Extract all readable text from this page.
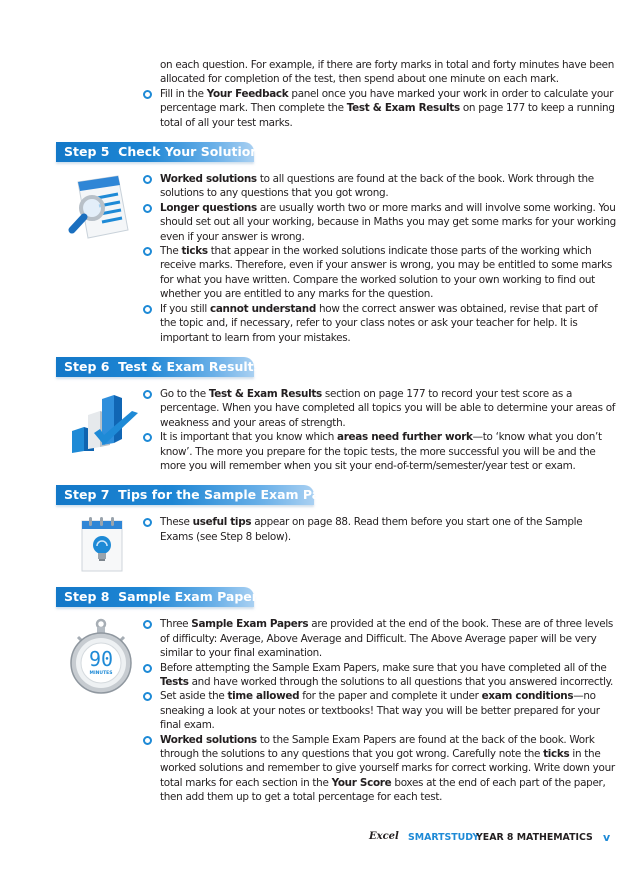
on each question. For example, if there are forty marks in total and forty minutes have been allocated for completion of the test, then spend about one minute on each mark.
Fill in the Your Feedback panel once you have marked your work in order to calculate your percentage mark. Then complete the Test & Exam Results on page 177 to keep a running total of all your test marks.
Step 5  Check Your Solutions
Worked solutions to all questions are found at the back of the book. Work through the solutions to any questions that you got wrong.
Longer questions are usually worth two or more marks and will involve some working. You should set out all your working, because in Maths you may get some marks for your working even if your answer is wrong.
The ticks that appear in the worked solutions indicate those parts of the working which receive marks. Therefore, even if your answer is wrong, you may be entitled to some marks for what you have written. Compare the worked solution to your own working to find out whether you are entitled to any marks for the question.
If you still cannot understand how the correct answer was obtained, revise that part of the topic and, if necessary, refer to your class notes or ask your teacher for help. It is important to learn from your mistakes.
Step 6  Test & Exam Results
Go to the Test & Exam Results section on page 177 to record your test score as a percentage. When you have completed all topics you will be able to determine your areas of weakness and your areas of strength.
It is important that you know which areas need further work—to ‘know what you don’t know’. The more you prepare for the topic tests, the more successful you will be and the more you will remember when you sit your end-of-term/semester/year test or exam.
Step 7  Tips for the Sample Exam Papers
These useful tips appear on page 88. Read them before you start one of the Sample Exams (see Step 8 below).
Step 8  Sample Exam Papers
90
MINUTES
Three Sample Exam Papers are provided at the end of the book. These are of three levels of difficulty: Average, Above Average and Difficult. The Above Average paper will be very similar to your final examination.
Before attempting the Sample Exam Papers, make sure that you have completed all of the Tests and have worked through the solutions to all questions that you answered incorrectly.
Set aside the time allowed for the paper and complete it under exam conditions—no sneaking a look at your notes or textbooks! That way you will be better prepared for your final exam.
Worked solutions to the Sample Exam Papers are found at the back of the book. Work through the solutions to any questions that you got wrong. Carefully note the ticks in the worked solutions and remember to give yourself marks for correct working. Write down your total marks for each section in the Your Score boxes at the end of each part of the paper, then add them up to get a total percentage for each test.
Excel SMARTSTUDY
YEAR 8 MATHEMATICS v
